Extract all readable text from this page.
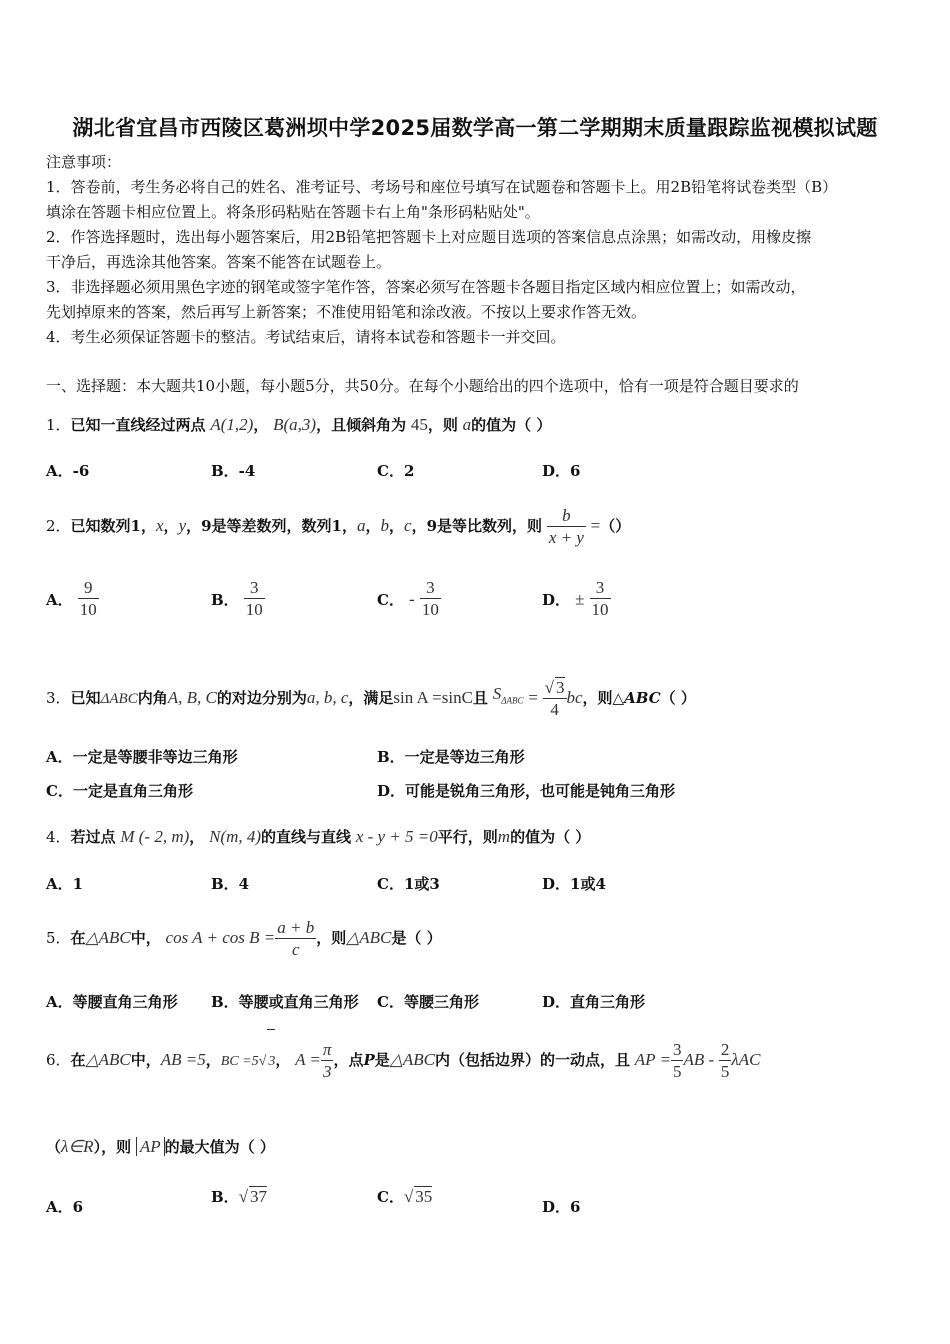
湖北省宜昌市西陵区葛洲坝中学2025届数学高一第二学期期末质量跟踪监视模拟试题
注意事项：
1．答卷前，考生务必将自己的姓名、准考证号、考场号和座位号填写在试题卷和答题卡上。用2B铅笔将试卷类型（B）
填涂在答题卡相应位置上。将条形码粘贴在答题卡右上角"条形码粘贴处"。
2．作答选择题时，选出每小题答案后，用2B铅笔把答题卡上对应题目选项的答案信息点涂黑；如需改动，用橡皮擦
干净后，再选涂其他答案。答案不能答在试题卷上。
3．非选择题必须用黑色字迹的钢笔或签字笔作答，答案必须写在答题卡各题目指定区域内相应位置上；如需改动，
先划掉原来的答案，然后再写上新答案；不准使用铅笔和涂改液。不按以上要求作答无效。
4．考生必须保证答题卡的整洁。考试结束后，请将本试卷和答题卡一并交回。
一、选择题：本大题共10小题，每小题5分，共50分。在每个小题给出的四个选项中，恰有一项是符合题目要求的
1．已知一直线经过两点 A(1,2)， B(a,3)，且倾斜角为 45，则 a的值为（ ）
A．-6	B．-4	C．2	D．6
2．已知数列1，x，y，9是等差数列，数列1，a，b，c，9是等比数列，则 $\frac{b}{x + y}$ =（）
A． $\frac{9}{10}$	B． $\frac{3}{10}$	C． - $\frac{3}{10}$	D． ± $\frac{3}{10}$
3．已知ΔABC内角A, B, C的对边分别为a, b, c，满足sin A =sinC且 $S_{\Delta ABC} = \frac{√ 3}{4}$ bc，则△ABC（ ）
A．一定是等腰非等边三角形	B．一定是等边三角形
C．一定是直角三角形	D．可能是锐角三角形，也可能是钝角三角形
4．若过点 M (- 2, m)， N(m, 4)的直线与直线 x - y + 5 =0平行，则m的值为（ ）
A．1	B．4	C．1或3	D．1或4
5．在△ABC中， $\cos A + \cos B = \frac{a + b}{c}$ ，则△ABC是（ ）
A．等腰直角三角形 B．等腰或直角三角形 C．等腰三角形	D．直角三角形
6．在△ABC中，AB =5，BC =5√ 3， $A = \frac{\pi}{3}$ ，点P是△ABC内（包括边界）的一动点，且 AP = $\frac{3}{5}$ AB - $\frac{2}{5}$ λAC
（λ∈R），则 AP 的最大值为（ ）
A．6
B．√ 37	C．√ 35
D．6
